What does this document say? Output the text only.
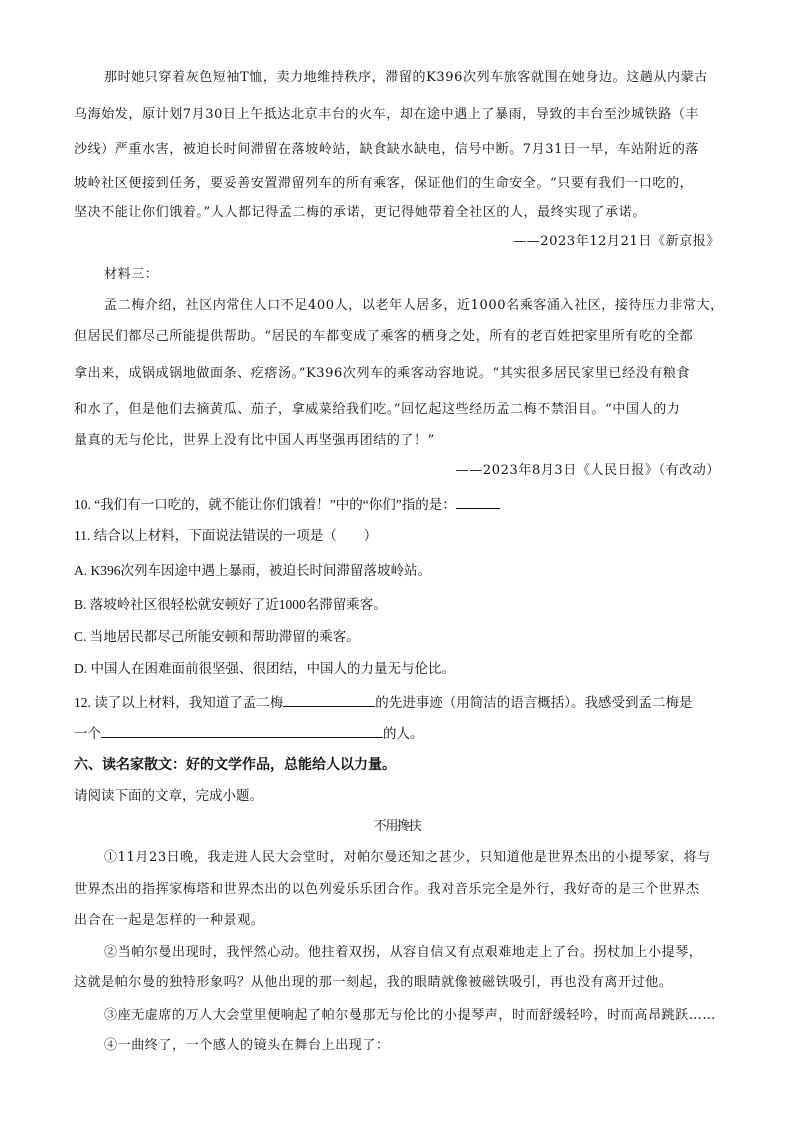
那时她只穿着灰色短袖T恤，卖力地维持秩序，滞留的K396次列车旅客就围在她身边。这趟从内蒙古
乌海始发，原计划7月30日上午抵达北京丰台的火车，却在途中遇上了暴雨，导致的丰台至沙城铁路（丰
沙线）严重水害，被迫长时间滞留在落坡岭站，缺食缺水缺电，信号中断。7月31日一早，车站附近的落
坡岭社区便接到任务，要妥善安置滞留列车的所有乘客，保证他们的生命安全。“只要有我们一口吃的，
坚决不能让你们饿着。”人人都记得孟二梅的承诺，更记得她带着全社区的人，最终实现了承诺。
——2023年12月21日《新京报》
材料三：
孟二梅介绍，社区内常住人口不足400人，以老年人居多，近1000名乘客涌入社区，接待压力非常大，
但居民们都尽己所能提供帮助。“居民的车都变成了乘客的栖身之处，所有的老百姓把家里所有吃的全都
拿出来，成锅成锅地做面条、疙瘩汤。”K396次列车的乘客动容地说。“其实很多居民家里已经没有粮食
和水了，但是他们去摘黄瓜、茄子，拿威菜给我们吃。”回忆起这些经历孟二梅不禁泪目。“中国人的力
量真的无与伦比，世界上没有比中国人再坚强再团结的了！”
——2023年8月3日《人民日报》（有改动）
10. “我们有一口吃的，就不能让你们饿着！”中的“你们”指的是：
11. 结合以上材料，下面说法错误的一项是（　　）
A. K396次列车因途中遇上暴雨，被迫长时间滞留落坡岭站。
B. 落坡岭社区很轻松就安顿好了近1000名滞留乘客。
C. 当地居民都尽己所能安顿和帮助滞留的乘客。
D. 中国人在困难面前很坚强、很团结，中国人的力量无与伦比。
12. 读了以上材料，我知道了孟二梅	的先进事迹（用简洁的语言概括）。我感受到孟二梅是
一个	的人。
六、读名家散文：好的文学作品，总能给人以力量。
请阅读下面的文章，完成小题。
不用搀扶
①11月23日晚，我走进人民大会堂时，对帕尔曼还知之甚少，只知道他是世界杰出的小提琴家，将与
世界杰出的指挥家梅塔和世界杰出的以色列爱乐乐团合作。我对音乐完全是外行，我好奇的是三个世界杰
出合在一起是怎样的一种景观。
②当帕尔曼出现时，我怦然心动。他拄着双拐，从容自信又有点艰难地走上了台。拐杖加上小提琴，
这就是帕尔曼的独特形象吗？从他出现的那一刻起，我的眼睛就像被磁铁吸引，再也没有离开过他。
③座无虚席的万人大会堂里便响起了帕尔曼那无与伦比的小提琴声，时而舒缓轻吟，时而高昂跳跃……
④一曲终了，一个感人的镜头在舞台上出现了：
